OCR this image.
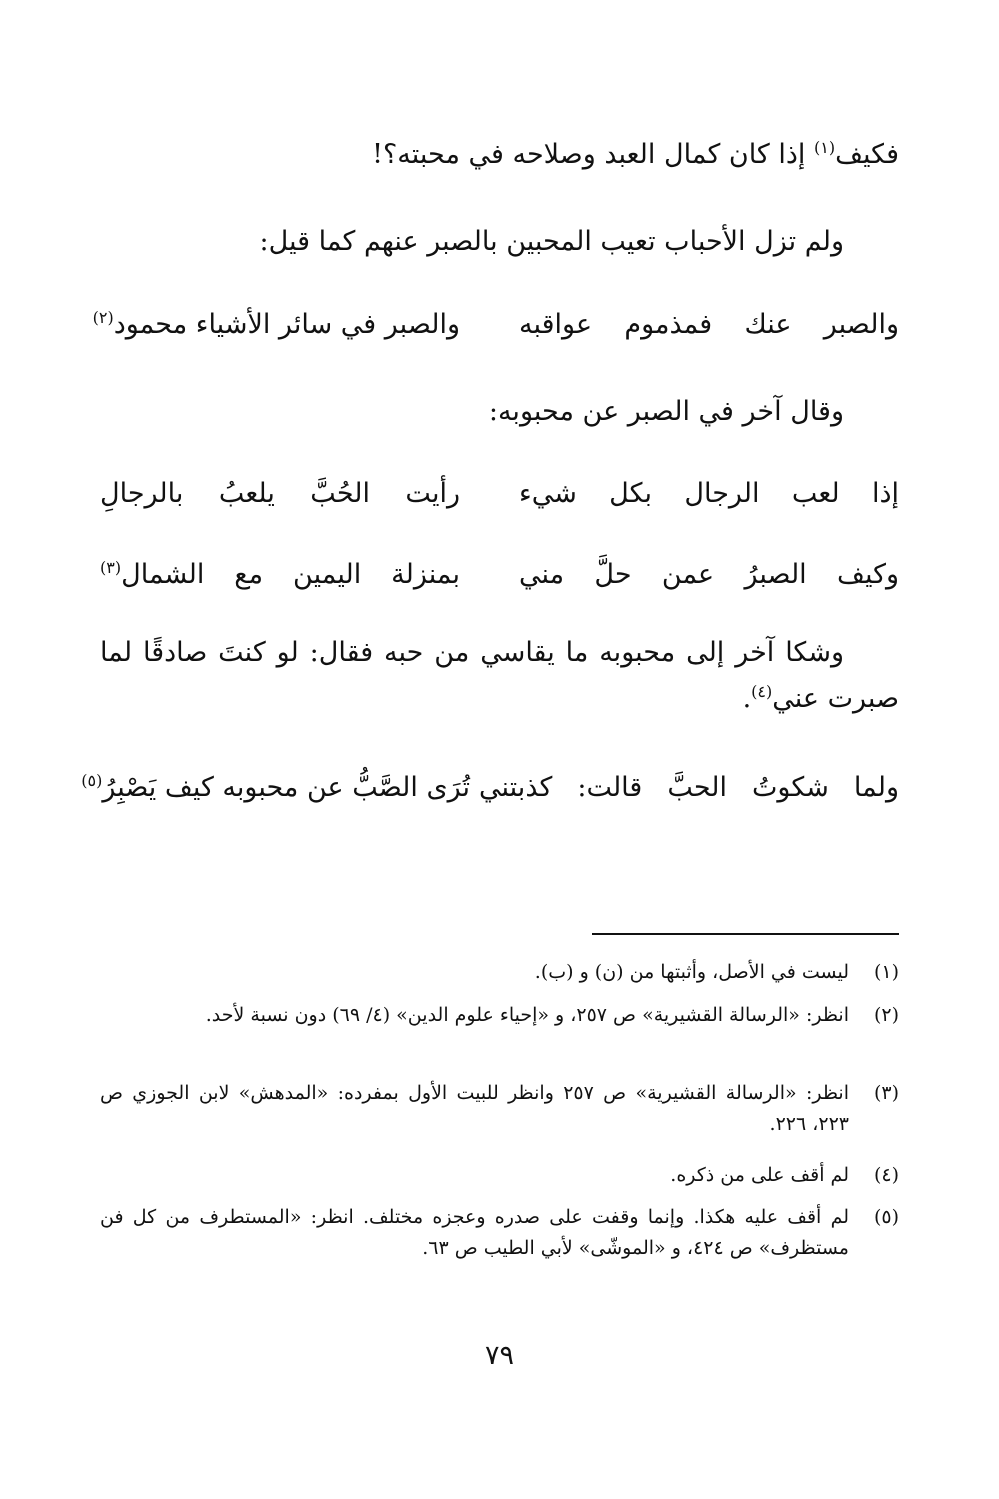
فكيف$^{(١)}$ إذا كان كمال العبد وصلاحه في محبته؟!
ولم تزل الأحباب تعيب المحبين بالصبر عنهم كما قيل:
والصبر عنك فمذموم عواقبه
والصبر في سائر الأشياء محمود$^{(٢)}$
وقال آخر في الصبر عن محبوبه:
إذا لعب الرجال بكل شيء
رأيت الحُبَّ يلعبُ بالرجالِ
وكيف الصبرُ عمن حلَّ مني
بمنزلة اليمين مع الشمال$^{(٣)}$
وشكا آخر إلى محبوبه ما يقاسي من حبه فقال: لو كنتَ صادقًا لما صبرت عني$^{(٤)}$.
ولما شكوتُ الحبَّ قالت: كذبتني
تُرَى الصَّبُّ عن محبوبه كيف يَصْبِرُ$^{(٥)}$
(١)
ليست في الأصل، وأثبتها من (ن) و (ب).
(٢)
انظر: «الرسالة القشيرية» ص ٢٥٧، و «إحياء علوم الدين» (٤/ ٦٩) دون نسبة لأحد.
(٣)
انظر: «الرسالة القشيرية» ص ٢٥٧ وانظر للبيت الأول بمفرده: «المدهش» لابن الجوزي ص ٢٢٣، ٢٢٦.
(٤)
لم أقف على من ذكره.
(٥)
لم أقف عليه هكذا. وإنما وقفت على صدره وعجزه مختلف. انظر: «المستطرف من كل فن مستظرف» ص ٤٢٤، و «الموشّى» لأبي الطيب ص ٦٣.
٧٩
